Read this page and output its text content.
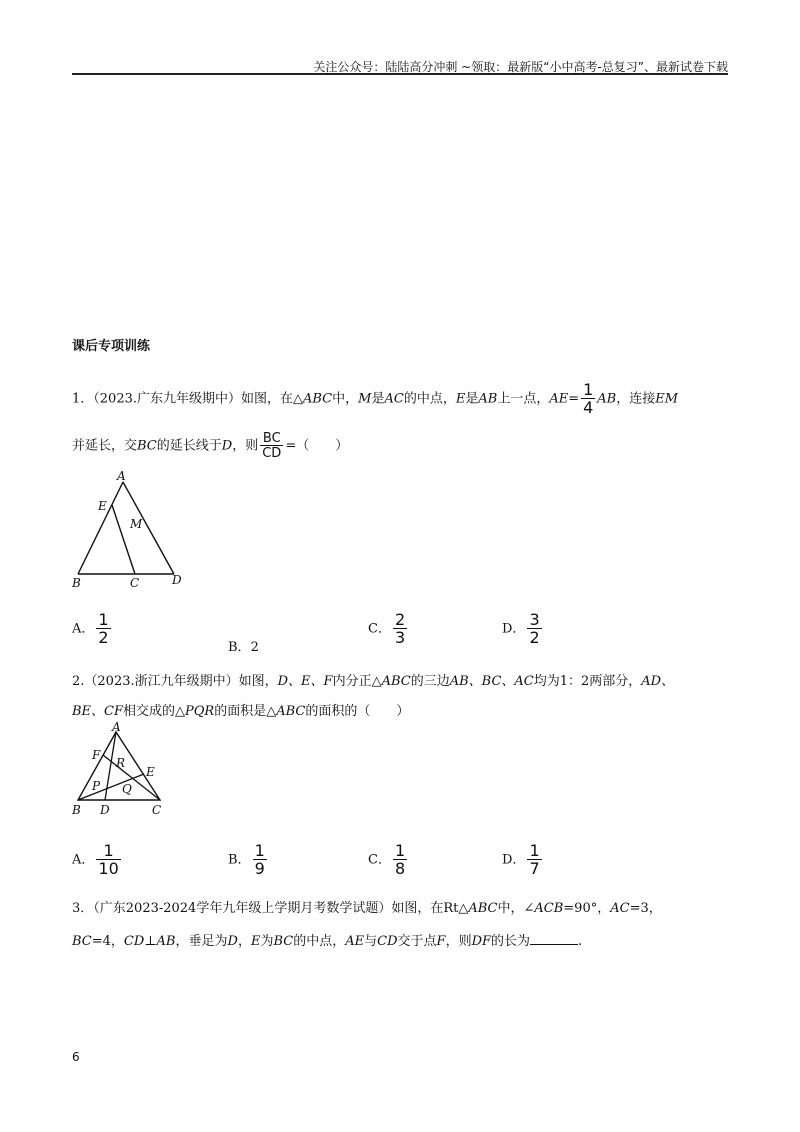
关注公众号：陆陆高分冲刺 ~领取：最新版“小中高考-总复习”、最新试卷下载
课后专项训练
1．（2023.广东九年级期中）如图，在△ABC中，M是AC的中点，E是AB上一点，$AE= \frac{1}{4}$ AB，连接EM
并延长，交BC的延长线于D，则 $\frac{BC}{CD}$ =（　　）
A
E
M
B	C	D
A． $\frac{1}{2}$
B．2
C． $\frac{2}{3}$	D． $\frac{3}{2}$
2.（2023.浙江九年级期中）如图，D、E、F内分正△ABC的三边AB、BC、AC均为1：2两部分，AD、
BE、CF相交成的△PQR的面积是△ABC的面积的（　　）
A
F
R
E
P Q
B D	C
A． $\frac{1}{10}$	B． $\frac{1}{9}$	C． $\frac{1}{8}$	D． $\frac{1}{7}$
3．（广东2023-2024学年九年级上学期月考数学试题）如图，在Rt△ABC中，∠ACB=90°，AC=3，
BC=4，CD⊥AB，垂足为D，E为BC的中点，AE与CD交于点F，则DF的长为	.
6
